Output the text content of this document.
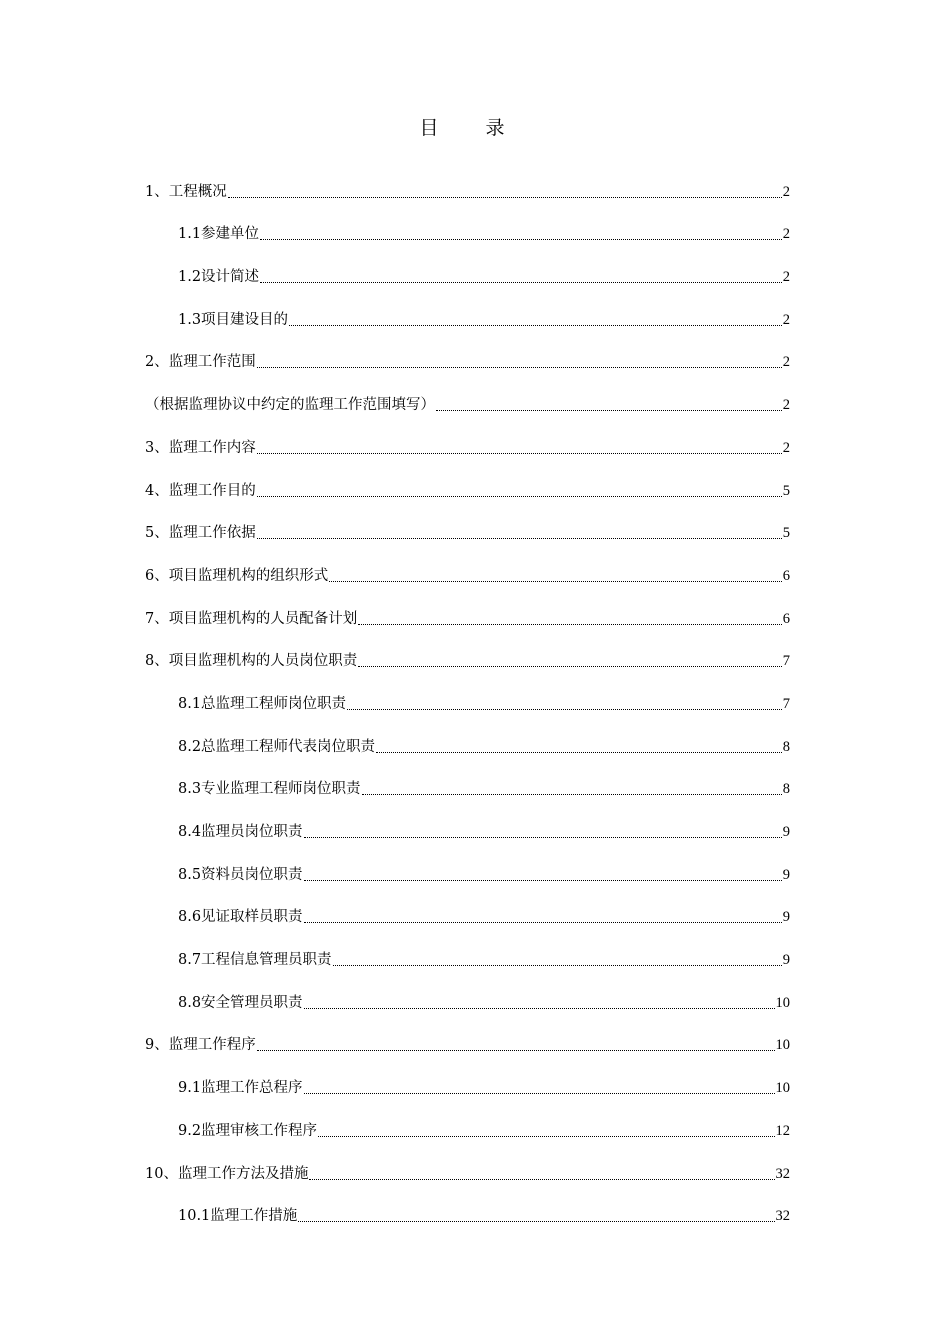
目　录
1、工程概况	2
1.1参建单位	2
1.2设计简述	2
1.3项目建设目的	2
2、监理工作范围	2
（根据监理协议中约定的监理工作范围填写）	2
3、监理工作内容	2
4、监理工作目的	5
5、监理工作依据	5
6、项目监理机构的组织形式	6
7、项目监理机构的人员配备计划	6
8、项目监理机构的人员岗位职责	7
8.1总监理工程师岗位职责	7
8.2总监理工程师代表岗位职责	8
8.3专业监理工程师岗位职责	8
8.4监理员岗位职责	9
8.5资料员岗位职责	9
8.6见证取样员职责	9
8.7工程信息管理员职责	9
8.8安全管理员职责	10
9、监理工作程序	10
9.1监理工作总程序	10
9.2监理审核工作程序	12
10、监理工作方法及措施	32
10.1监理工作措施	32
